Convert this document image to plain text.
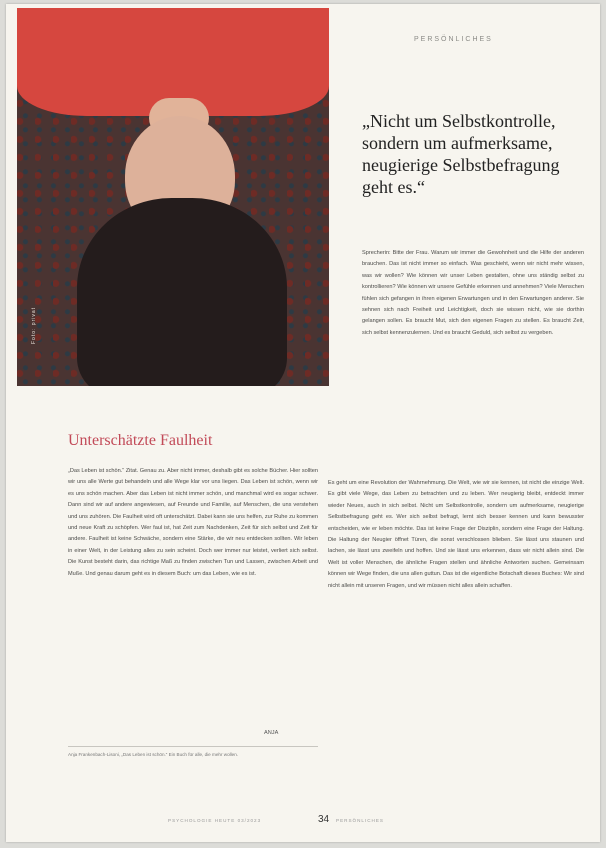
PERSÖNLICHES
Foto: privat
„Nicht um Selbstkontrolle, sondern um aufmerksame, neugierige Selbstbefragung geht es.“
Unterschätzte Faulheit

„Das Leben ist schön.“ Zitat. Genau zu. Aber nicht immer, deshalb gibt es solche Bücher. Hier sollten wir uns alle Werte gut behandeln und alle Wege klar vor uns liegen. Das Leben ist schön, wenn wir es uns schön machen. Aber das Leben ist nicht immer schön, und manchmal wird es sogar schwer. Dann sind wir auf andere angewiesen, auf Freunde und Familie, auf Menschen, die uns verstehen und uns zuhören. Die Faulheit wird oft unterschätzt. Dabei kann sie uns helfen, zur Ruhe zu kommen und neue Kraft zu schöpfen. Wer faul ist, hat Zeit zum Nachdenken, Zeit für sich selbst und Zeit für andere. Faulheit ist keine Schwäche, sondern eine Stärke, die wir neu entdecken sollten. Wir leben in einer Welt, in der Leistung alles zu sein scheint. Doch wer immer nur leistet, verliert sich selbst. Die Kunst besteht darin, das richtige Maß zu finden zwischen Tun und Lassen, zwischen Arbeit und Muße. Und genau darum geht es in diesem Buch: um das Leben, wie es ist.

ANJA
Anja Frankenbach-Lisoni, „Das Leben ist schön.“ Ein Buch für alle, die mehr wollen.

Sprecherin: Bitte der Frau. Warum wir immer die Gewohnheit und die Hilfe der anderen brauchen. Das ist nicht immer so einfach. Was geschieht, wenn wir nicht mehr wissen, was wir wollen? Wie können wir unser Leben gestalten, ohne uns ständig selbst zu kontrollieren? Wie können wir unsere Gefühle erkennen und annehmen? Viele Menschen fühlen sich gefangen in ihren eigenen Erwartungen und in den Erwartungen anderer. Sie sehnen sich nach Freiheit und Leichtigkeit, doch sie wissen nicht, wie sie dorthin gelangen sollen. Es braucht Mut, sich den eigenen Fragen zu stellen. Es braucht Zeit, sich selbst kennenzulernen. Und es braucht Geduld, sich selbst zu vergeben.

Es geht um eine Revolution der Wahrnehmung. Die Welt, wie wir sie kennen, ist nicht die einzige Welt. Es gibt viele Wege, das Leben zu betrachten und zu leben. Wer neugierig bleibt, entdeckt immer wieder Neues, auch in sich selbst. Nicht um Selbstkontrolle, sondern um aufmerksame, neugierige Selbstbefragung geht es. Wer sich selbst befragt, lernt sich besser kennen und kann bewusster entscheiden, wie er leben möchte. Das ist keine Frage der Disziplin, sondern eine Frage der Haltung. Die Haltung der Neugier öffnet Türen, die sonst verschlossen blieben. Sie lässt uns staunen und lachen, sie lässt uns zweifeln und hoffen. Und sie lässt uns erkennen, dass wir nicht allein sind. Die Welt ist voller Menschen, die ähnliche Fragen stellen und ähnliche Antworten suchen. Gemeinsam können wir Wege finden, die uns allen guttun. Das ist die eigentliche Botschaft dieses Buches: Wir sind nicht allein mit unseren Fragen, und wir müssen nicht alles allein schaffen.

PSYCHOLOGIE HEUTE 03/2023	34 PERSÖNLICHES
